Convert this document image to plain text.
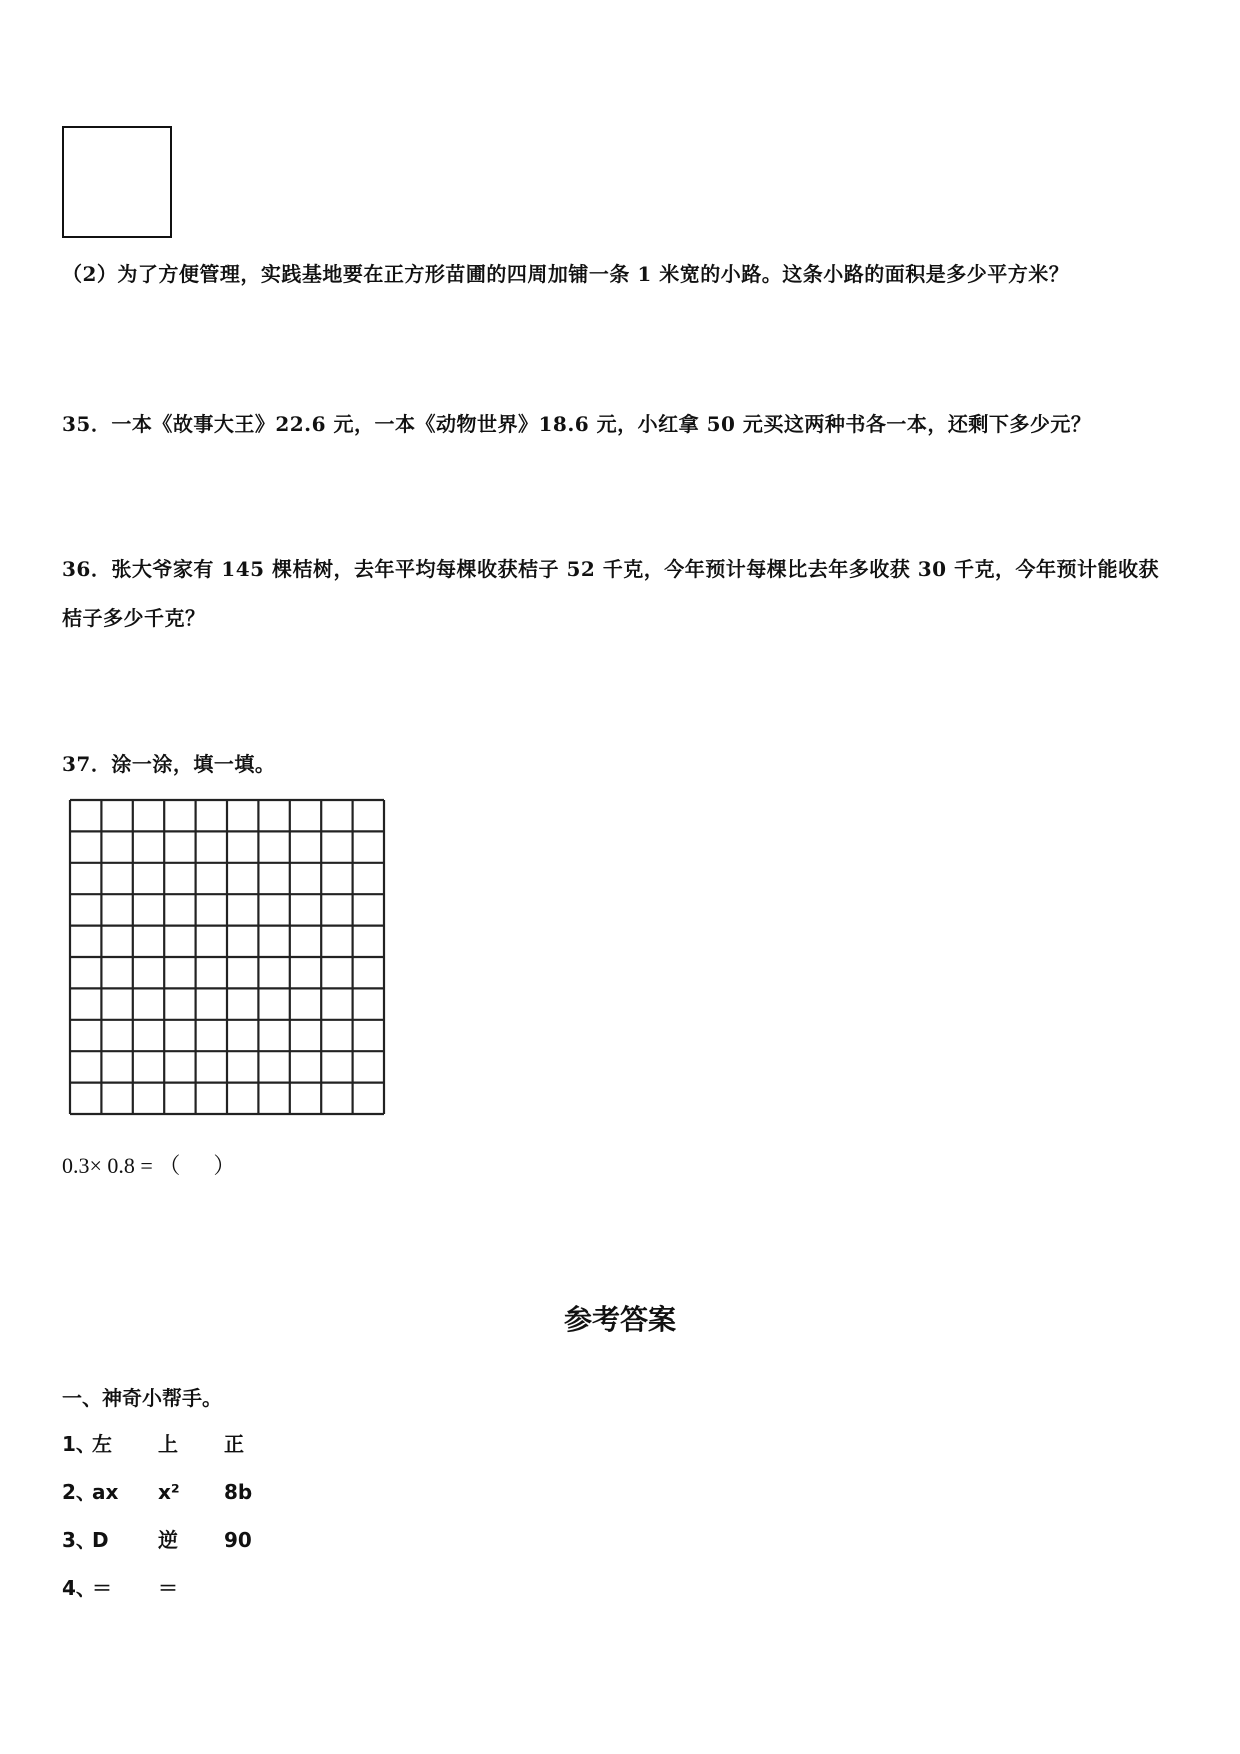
（2）为了方便管理，实践基地要在正方形苗圃的四周加铺一条 1 米宽的小路。这条小路的面积是多少平方米？
35．一本《故事大王》22.6 元，一本《动物世界》18.6 元，小红拿 50 元买这两种书各一本，还剩下多少元？
36．张大爷家有 145 棵桔树，去年平均每棵收获桔子 52 千克，今年预计每棵比去年多收获 30 千克，今年预计能收获
桔子多少千克？
37．涂一涂，填一填。
0.3× 0.8 = （      ）
参考答案
一、神奇小帮手。
1、左 上 正
2、ax x² 8b
3、D 逆 90
4、＝ ＝
